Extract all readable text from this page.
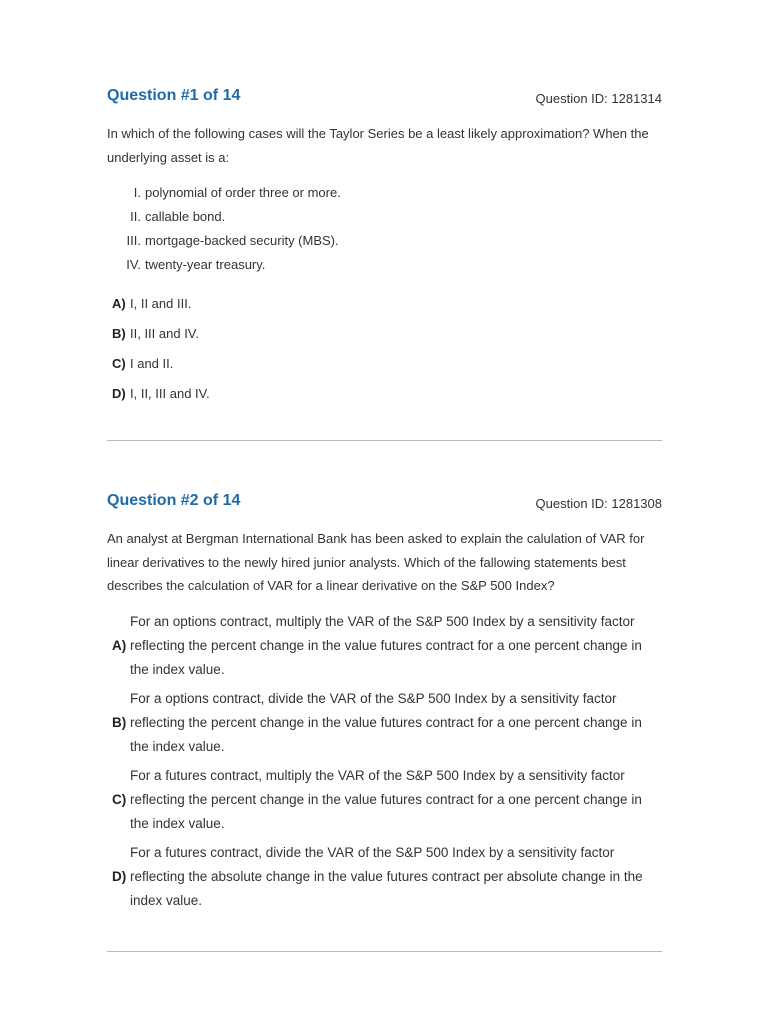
Question #1 of 14	Question ID: 1281314

In which of the following cases will the Taylor Series be a least likely approximation? When the underlying asset is a:

I. polynomial of order three or more.
II. callable bond.
III. mortgage-backed security (MBS).
IV. twenty-year treasury.
A) I, II and III.
B) II, III and IV.
C) I and II.
D) I, II, III and IV.
Question #2 of 14	Question ID: 1281308

An analyst at Bergman International Bank has been asked to explain the calulation of VAR for linear derivatives to the newly hired junior analysts. Which of the fallowing statements best describes the calculation of VAR for a linear derivative on the S&P 500 Index?

A)
For an options contract, multiply the VAR of the S&P 500 Index by a sensitivity factor reflecting the percent change in the value futures contract for a one percent change in the index value.
B)
For a options contract, divide the VAR of the S&P 500 Index by a sensitivity factor reflecting the percent change in the value futures contract for a one percent change in the index value.
C)
For a futures contract, multiply the VAR of the S&P 500 Index by a sensitivity factor reflecting the percent change in the value futures contract for a one percent change in the index value.
D)
For a futures contract, divide the VAR of the S&P 500 Index by a sensitivity factor reflecting the absolute change in the value futures contract per absolute change in the index value.
